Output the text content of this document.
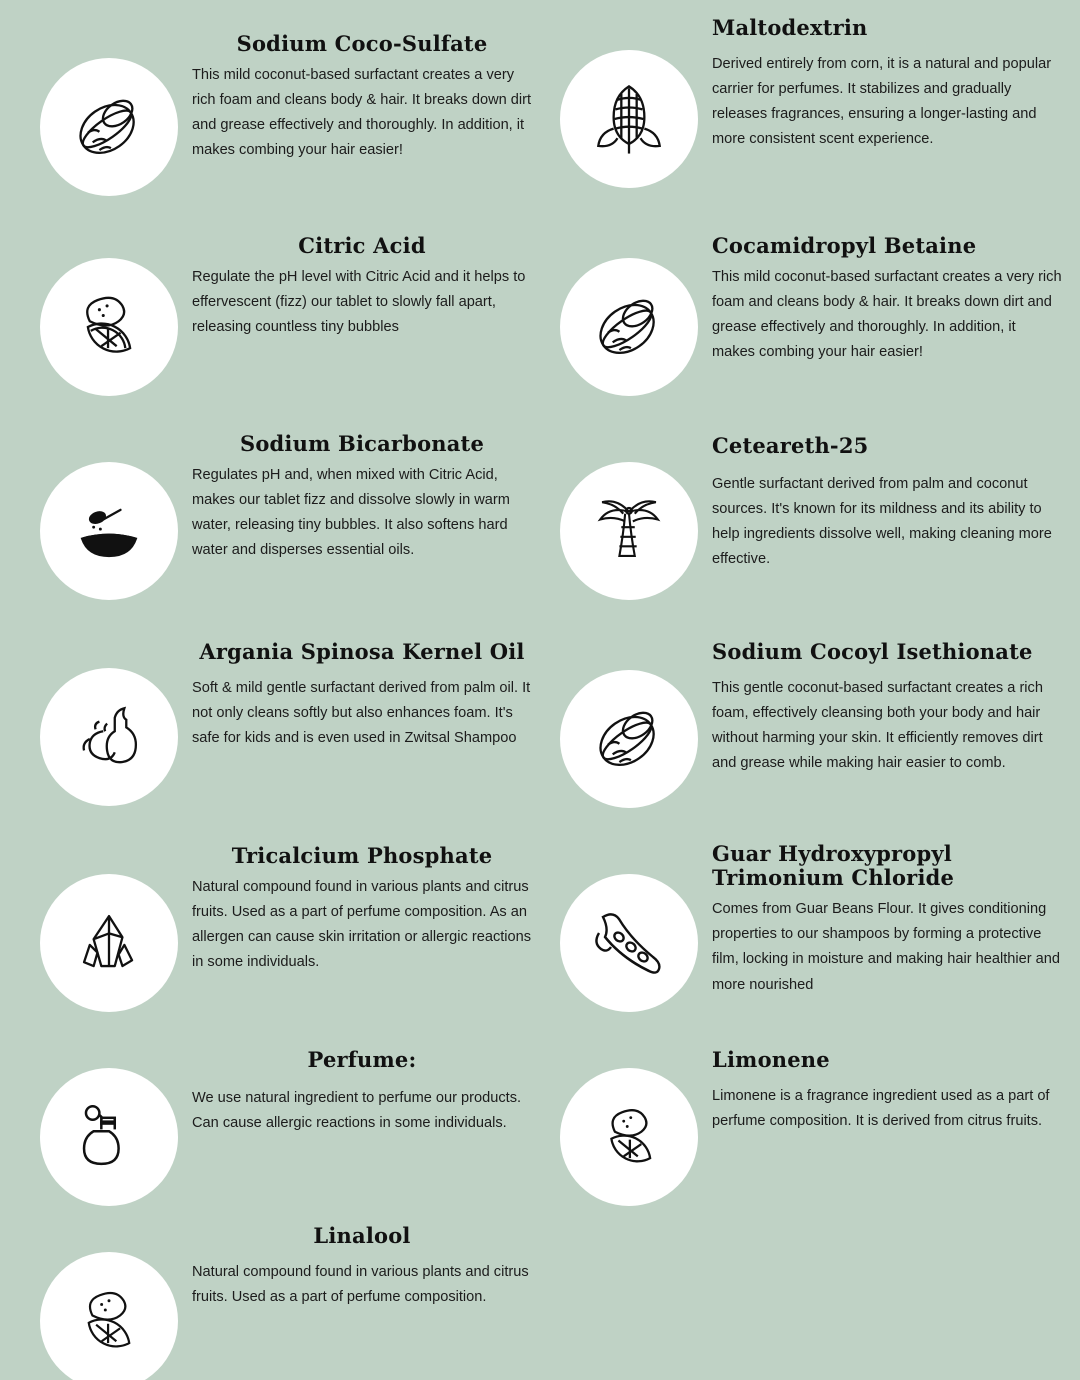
Sodium Coco-Sulfate

This mild coconut-based surfactant creates a very rich foam and cleans body & hair. It breaks down dirt and grease effectively and thoroughly. In addition, it makes combing your hair easier!

Citric Acid

Regulate the pH level with Citric Acid and it helps to effervescent (fizz) our tablet to slowly fall apart, releasing countless tiny bubbles

Sodium Bicarbonate

Regulates pH and, when mixed with Citric Acid, makes our tablet fizz and dissolve slowly in warm water, releasing tiny bubbles. It also softens hard water and disperses essential oils.

Argania Spinosa Kernel Oil

Soft & mild gentle surfactant derived from palm oil. It not only cleans softly but also enhances foam. It's safe for kids and is even used in Zwitsal Shampoo

Tricalcium Phosphate

Natural compound found in various plants and citrus fruits. Used as a part of perfume composition. As an allergen can cause skin irritation or allergic reactions in some individuals.

Perfume:

We use natural ingredient to perfume our products. Can cause allergic reactions in some individuals.

Linalool

Natural compound found in various plants and citrus fruits. Used as a part of perfume composition.

Maltodextrin

Derived entirely from corn, it is a natural and popular carrier for perfumes. It stabilizes and gradually releases fragrances, ensuring a longer-lasting and more consistent scent experience.

Cocamidropyl Betaine

This mild coconut-based surfactant creates a very rich foam and cleans body & hair. It breaks down dirt and grease effectively and thoroughly. In addition, it makes combing your hair easier!

Ceteareth-25

Gentle surfactant derived from palm and coconut sources. It's known for its mildness and its ability to help ingredients dissolve well, making cleaning more effective.

Sodium Cocoyl Isethionate

This gentle coconut-based surfactant creates a rich foam, effectively cleansing both your body and hair without harming your skin. It efficiently removes dirt and grease while making hair easier to comb.

Guar Hydroxypropyl Trimonium Chloride

Comes from Guar Beans Flour. It gives conditioning properties to our shampoos by forming a protective film, locking in moisture and making hair healthier and more nourished

Limonene

Limonene is a fragrance ingredient used as a part of perfume composition. It is derived from citrus fruits.
